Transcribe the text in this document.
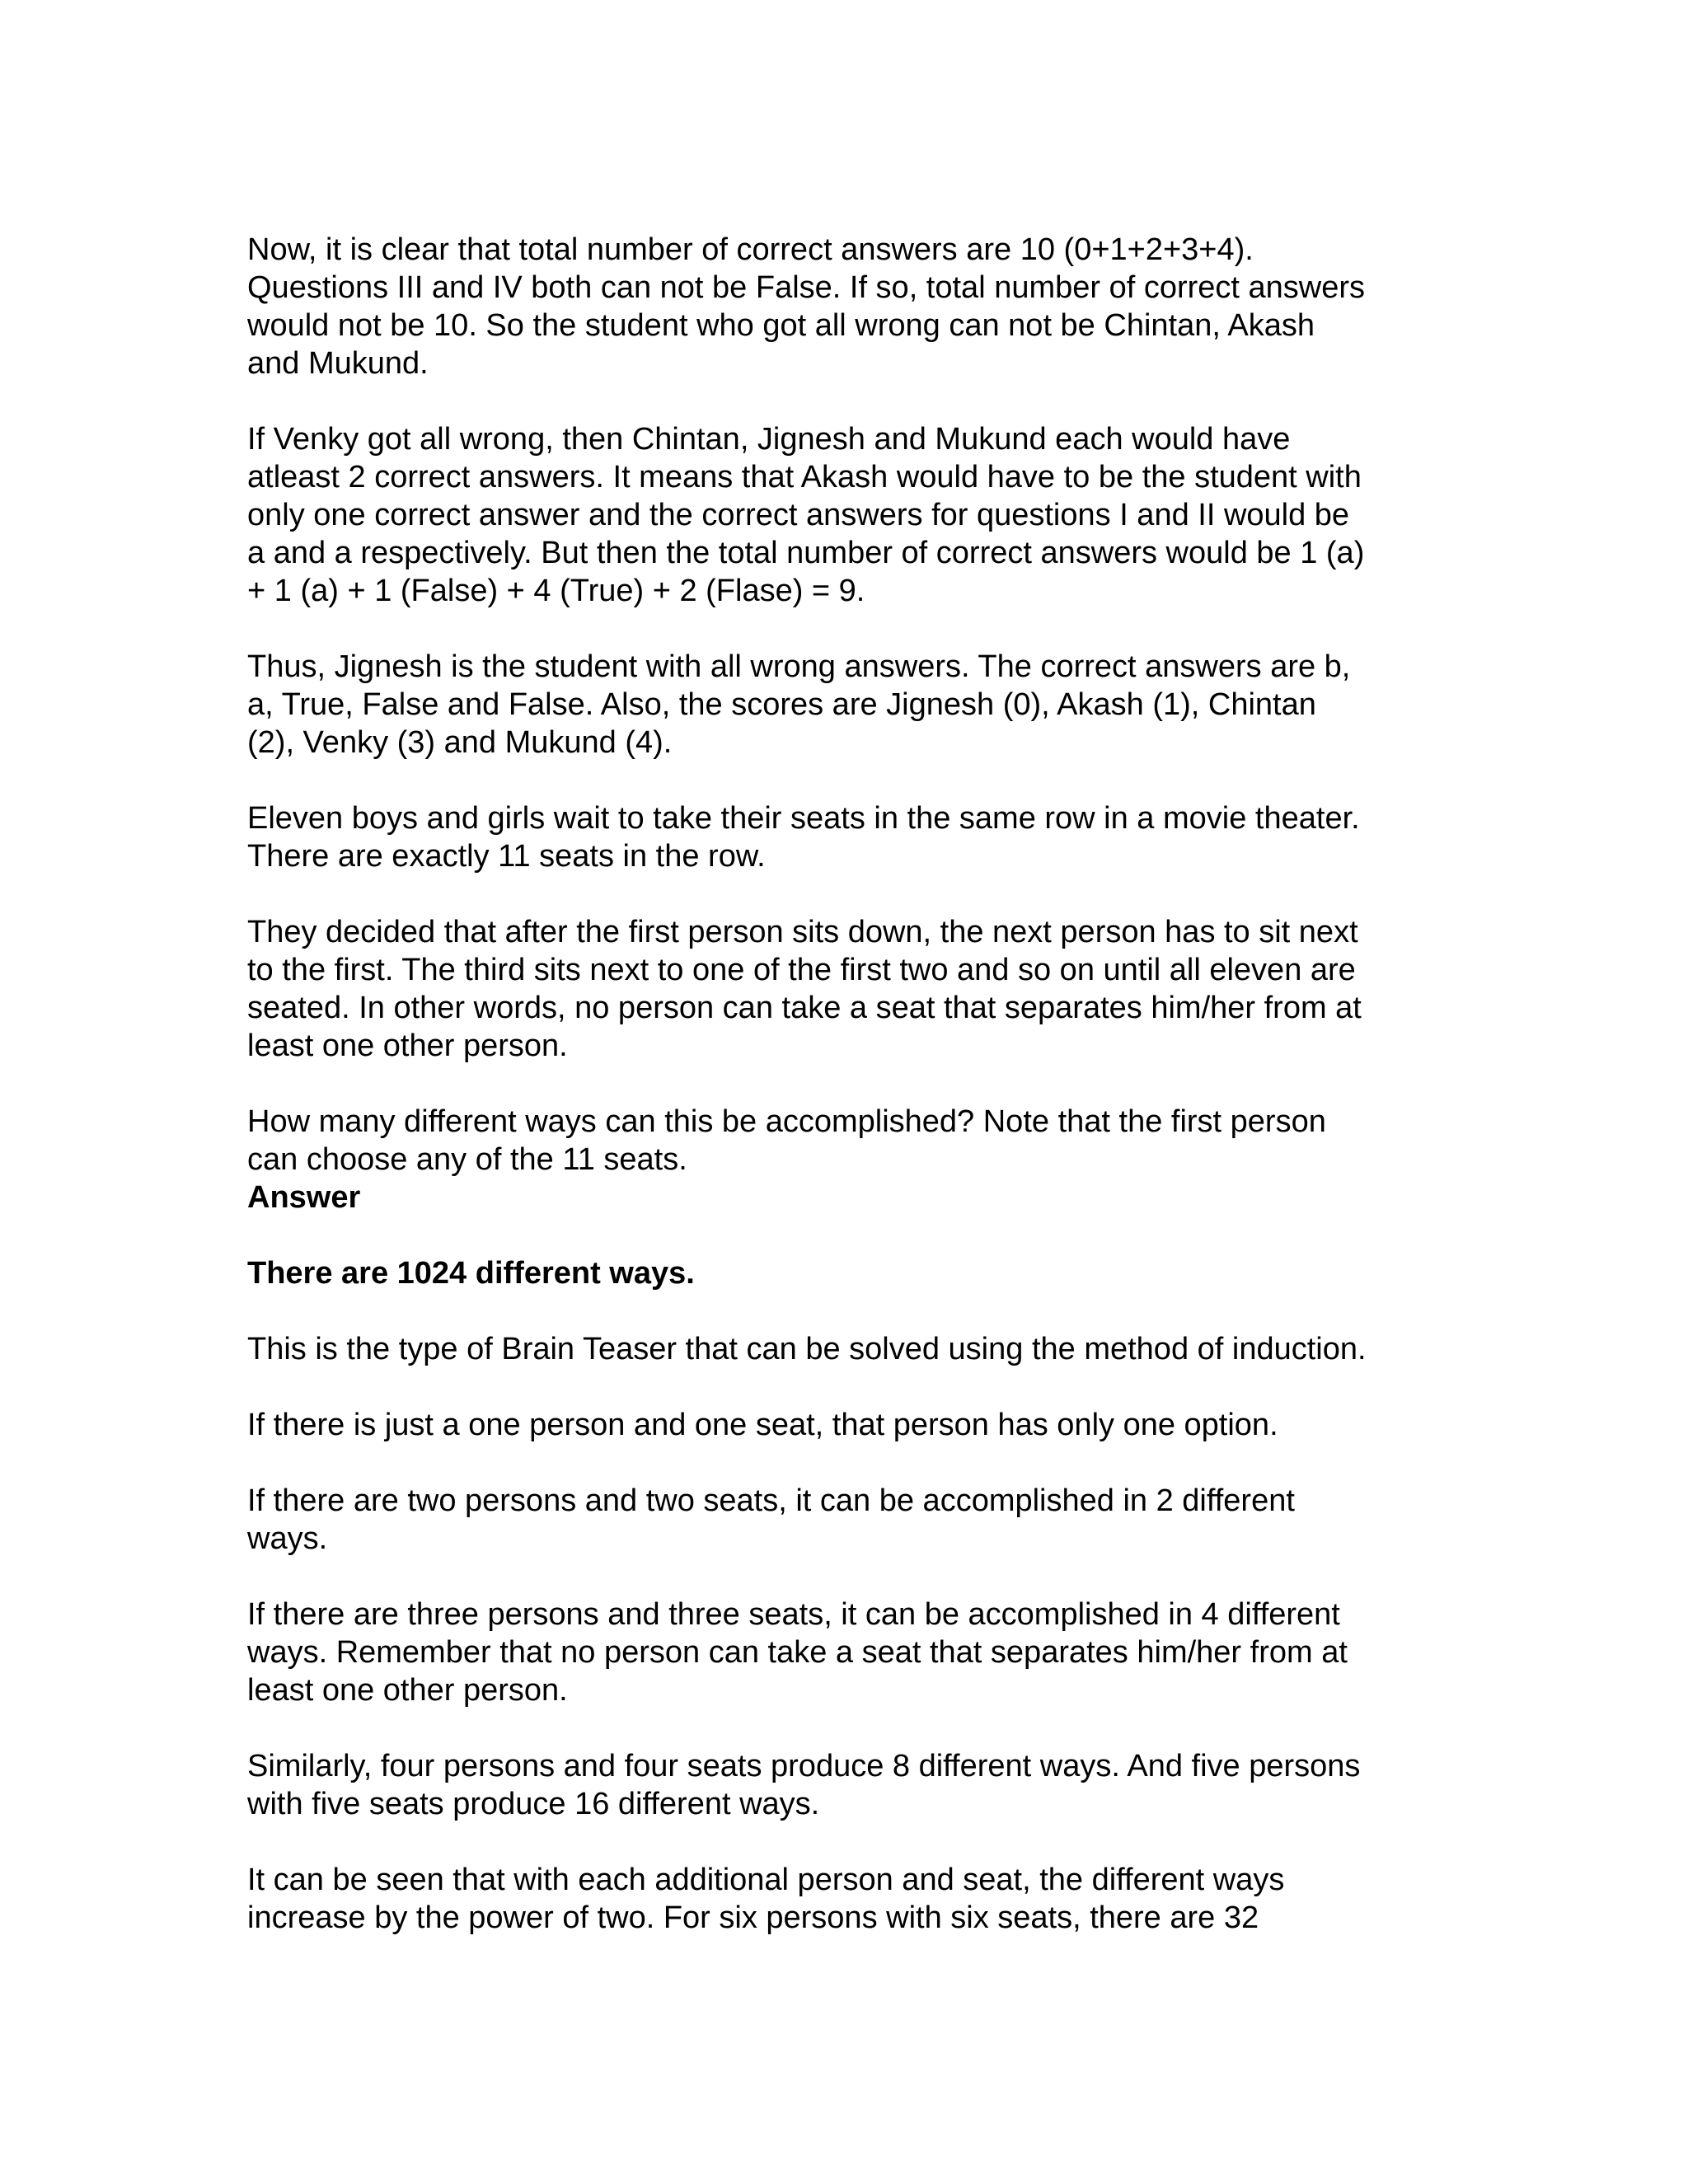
Now, it is clear that total number of correct answers are 10 (0+1+2+3+4).
Questions III and IV both can not be False. If so, total number of correct answers
would not be 10. So the student who got all wrong can not be Chintan, Akash
and Mukund.

If Venky got all wrong, then Chintan, Jignesh and Mukund each would have
atleast 2 correct answers. It means that Akash would have to be the student with
only one correct answer and the correct answers for questions I and II would be
a and a respectively. But then the total number of correct answers would be 1 (a)
+ 1 (a) + 1 (False) + 4 (True) + 2 (Flase) = 9.

Thus, Jignesh is the student with all wrong answers. The correct answers are b,
a, True, False and False. Also, the scores are Jignesh (0), Akash (1), Chintan
(2), Venky (3) and Mukund (4).

Eleven boys and girls wait to take their seats in the same row in a movie theater.
There are exactly 11 seats in the row.

They decided that after the first person sits down, the next person has to sit next
to the first. The third sits next to one of the first two and so on until all eleven are
seated. In other words, no person can take a seat that separates him/her from at
least one other person.

How many different ways can this be accomplished? Note that the first person
can choose any of the 11 seats.

Answer

There are 1024 different ways.

This is the type of Brain Teaser that can be solved using the method of induction.

If there is just a one person and one seat, that person has only one option.

If there are two persons and two seats, it can be accomplished in 2 different
ways.

If there are three persons and three seats, it can be accomplished in 4 different
ways. Remember that no person can take a seat that separates him/her from at
least one other person.

Similarly, four persons and four seats produce 8 different ways. And five persons
with five seats produce 16 different ways.

It can be seen that with each additional person and seat, the different ways
increase by the power of two. For six persons with six seats, there are 32
